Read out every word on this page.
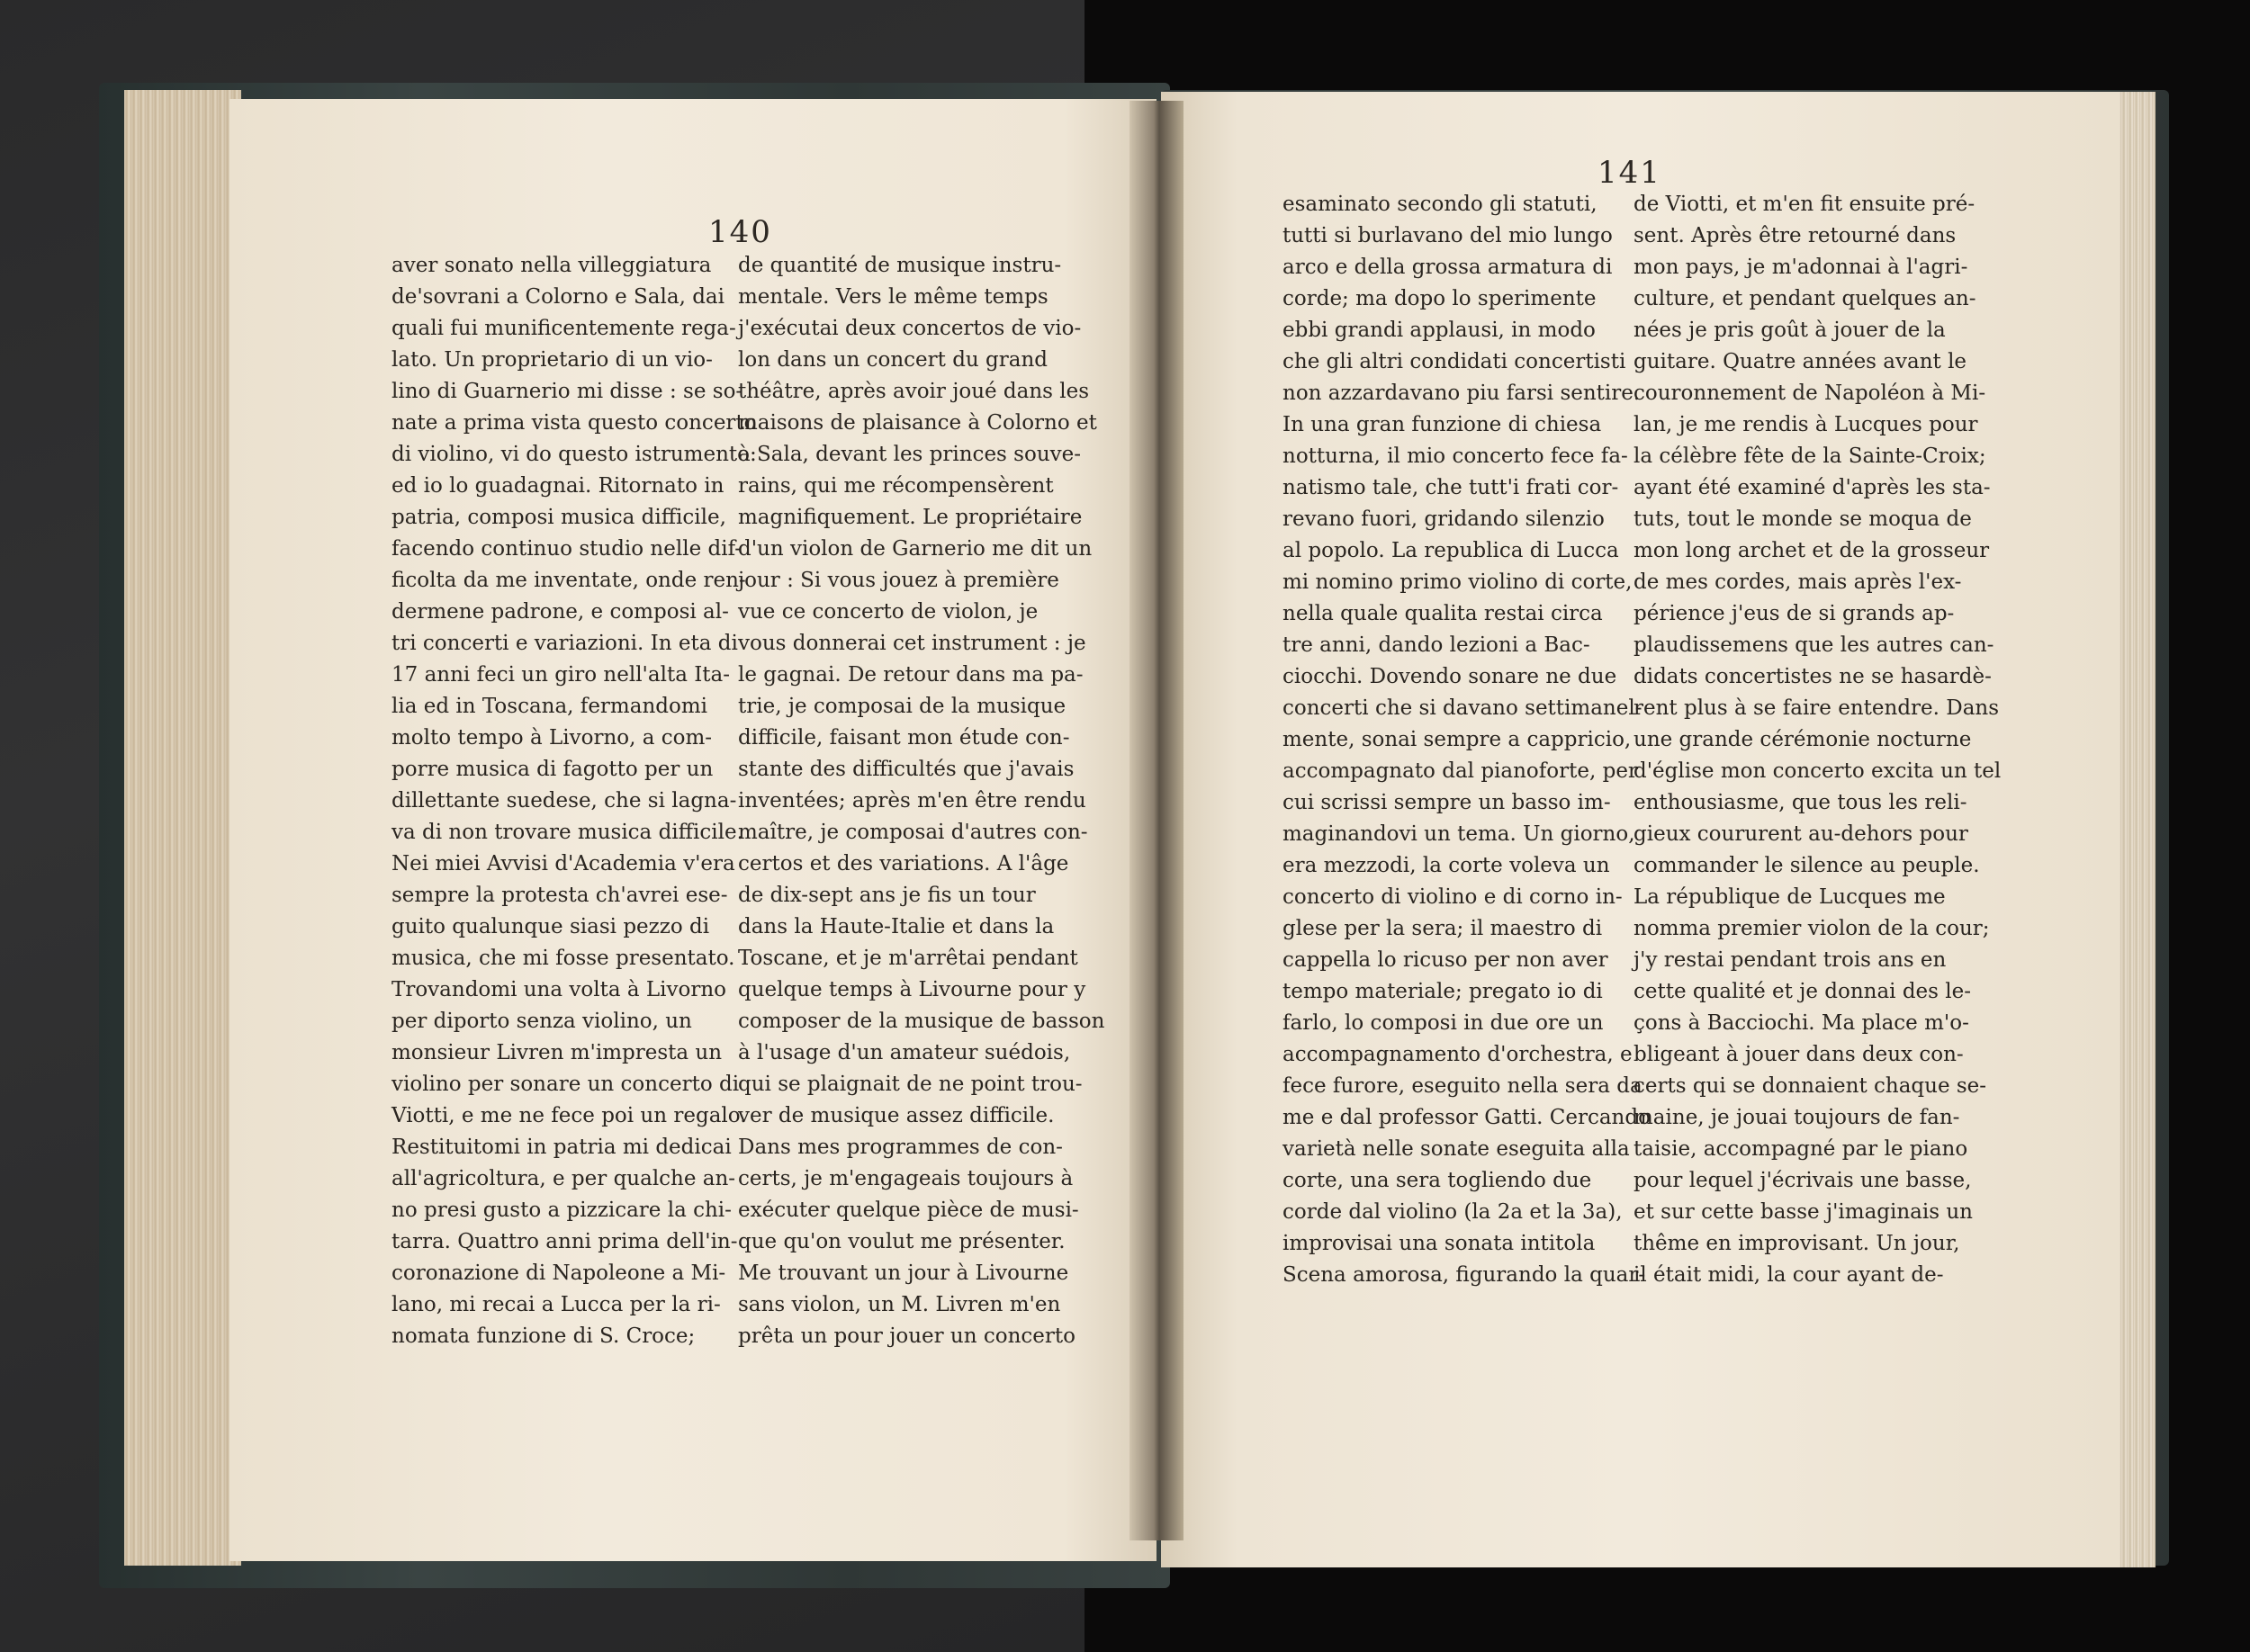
140
aver sonato nella villeggiatura
de'sovrani a Colorno e Sala, dai
quali fui munificentemente rega-
lato. Un proprietario di un vio-
lino di Guarnerio mi disse : se so-
nate a prima vista questo concerto
di violino, vi do questo istrumento:
ed io lo guadagnai. Ritornato in
patria, composi musica difficile,
facendo continuo studio nelle dif-
ficolta da me inventate, onde ren-
dermene padrone, e composi al-
tri concerti e variazioni. In eta di
17 anni feci un giro nell'alta Ita-
lia ed in Toscana, fermandomi
molto tempo à Livorno, a com-
porre musica di fagotto per un
dillettante suedese, che si lagna-
va di non trovare musica difficile.
Nei miei Avvisi d'Academia v'era
sempre la protesta ch'avrei ese-
guito qualunque siasi pezzo di
musica, che mi fosse presentato.
Trovandomi una volta à Livorno
per diporto senza violino, un
monsieur Livren m'impresta un
violino per sonare un concerto di
Viotti, e me ne fece poi un regalo.
Restituitomi in patria mi dedicai
all'agricoltura, e per qualche an-
no presi gusto a pizzicare la chi-
tarra. Quattro anni prima dell'in-
coronazione di Napoleone a Mi-
lano, mi recai a Lucca per la ri-
nomata funzione di S. Croce;
de quantité de musique instru-
mentale. Vers le même temps
j'exécutai deux concertos de vio-
lon dans un concert du grand
théâtre, après avoir joué dans les
maisons de plaisance à Colorno et
à Sala, devant les princes souve-
rains, qui me récompensèrent
magnifiquement. Le propriétaire
d'un violon de Garnerio me dit un
jour : Si vous jouez à première
vue ce concerto de violon, je
vous donnerai cet instrument : je
le gagnai. De retour dans ma pa-
trie, je composai de la musique
difficile, faisant mon étude con-
stante des difficultés que j'avais
inventées; après m'en être rendu
maître, je composai d'autres con-
certos et des variations. A l'âge
de dix-sept ans je fis un tour
dans la Haute-Italie et dans la
Toscane, et je m'arrêtai pendant
quelque temps à Livourne pour y
composer de la musique de basson
à l'usage d'un amateur suédois,
qui se plaignait de ne point trou-
ver de musique assez difficile.
Dans mes programmes de con-
certs, je m'engageais toujours à
exécuter quelque pièce de musi-
que qu'on voulut me présenter.
Me trouvant un jour à Livourne
sans violon, un M. Livren m'en
prêta un pour jouer un concerto
141
esaminato secondo gli statuti,
tutti si burlavano del mio lungo
arco e della grossa armatura di
corde; ma dopo lo sperimente
ebbi grandi applausi, in modo
che gli altri condidati concertisti
non azzardavano piu farsi sentire.
In una gran funzione di chiesa
notturna, il mio concerto fece fa-
natismo tale, che tutt'i frati cor-
revano fuori, gridando silenzio
al popolo. La republica di Lucca
mi nomino primo violino di corte,
nella quale qualita restai circa
tre anni, dando lezioni a Bac-
ciocchi. Dovendo sonare ne due
concerti che si davano settimanel-
mente, sonai sempre a cappricio,
accompagnato dal pianoforte, per
cui scrissi sempre un basso im-
maginandovi un tema. Un giorno,
era mezzodi, la corte voleva un
concerto di violino e di corno in-
glese per la sera; il maestro di
cappella lo ricuso per non aver
tempo materiale; pregato io di
farlo, lo composi in due ore un
accompagnamento d'orchestra, e
fece furore, eseguito nella sera da
me e dal professor Gatti. Cercando
varietà nelle sonate eseguita alla
corte, una sera togliendo due
corde dal violino (la 2a et la 3a),
improvisai una sonata intitola
Scena amorosa, figurando la quar-
de Viotti, et m'en fit ensuite pré-
sent. Après être retourné dans
mon pays, je m'adonnai à l'agri-
culture, et pendant quelques an-
nées je pris goût à jouer de la
guitare. Quatre années avant le
couronnement de Napoléon à Mi-
lan, je me rendis à Lucques pour
la célèbre fête de la Sainte-Croix;
ayant été examiné d'après les sta-
tuts, tout le monde se moqua de
mon long archet et de la grosseur
de mes cordes, mais après l'ex-
périence j'eus de si grands ap-
plaudissemens que les autres can-
didats concertistes ne se hasardè-
rent plus à se faire entendre. Dans
une grande cérémonie nocturne
d'église mon concerto excita un tel
enthousiasme, que tous les reli-
gieux coururent au-dehors pour
commander le silence au peuple.
La république de Lucques me
nomma premier violon de la cour;
j'y restai pendant trois ans en
cette qualité et je donnai des le-
çons à Bacciochi. Ma place m'o-
bligeant à jouer dans deux con-
certs qui se donnaient chaque se-
maine, je jouai toujours de fan-
taisie, accompagné par le piano
pour lequel j'écrivais une basse,
et sur cette basse j'imaginais un
thême en improvisant. Un jour,
il était midi, la cour ayant de-
